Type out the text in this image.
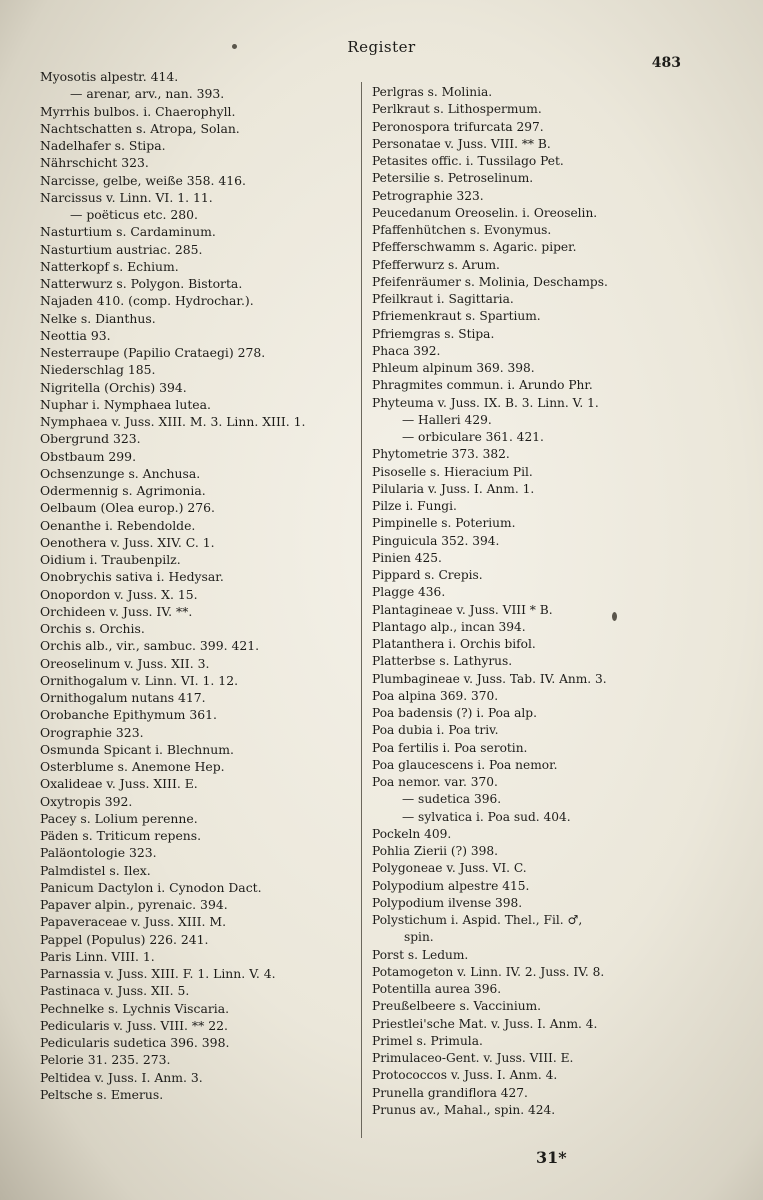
Register
483
Myosotis alpestr. 414.
— arenar, arv., nan. 393.
Myrrhis bulbos. i. Chaerophyll.
Nachtschatten s. Atropa, Solan.
Nadelhafer s. Stipa.
Nährschicht 323.
Narcisse, gelbe, weiße 358. 416.
Narcissus v. Linn. VI. 1. 11.
— poëticus etc. 280.
Nasturtium s. Cardaminum.
Nasturtium austriac. 285.
Natterkopf s. Echium.
Natterwurz s. Polygon. Bistorta.
Najaden 410. (comp. Hydrochar.).
Nelke s. Dianthus.
Neottia 93.
Nesterraupe (Papilio Crataegi) 278.
Niederschlag 185.
Nigritella (Orchis) 394.
Nuphar i. Nymphaea lutea.
Nymphaea v. Juss. XIII. M. 3. Linn. XIII. 1.
Obergrund 323.
Obstbaum 299.
Ochsenzunge s. Anchusa.
Odermennig s. Agrimonia.
Oelbaum (Olea europ.) 276.
Oenanthe i. Rebendolde.
Oenothera v. Juss. XIV. C. 1.
Oidium i. Traubenpilz.
Onobrychis sativa i. Hedysar.
Onopordon v. Juss. X. 15.
Orchideen v. Juss. IV. **.
Orchis s. Orchis.
Orchis alb., vir., sambuc. 399. 421.
Oreoselinum v. Juss. XII. 3.
Ornithogalum v. Linn. VI. 1. 12.
Ornithogalum nutans 417.
Orobanche Epithymum 361.
Orographie 323.
Osmunda Spicant i. Blechnum.
Osterblume s. Anemone Hep.
Oxalideae v. Juss. XIII. E.
Oxytropis 392.
Pacey s. Lolium perenne.
Päden s. Triticum repens.
Paläontologie 323.
Palmdistel s. Ilex.
Panicum Dactylon i. Cynodon Dact.
Papaver alpin., pyrenaic. 394.
Papaveraceae v. Juss. XIII. M.
Pappel (Populus) 226. 241.
Paris Linn. VIII. 1.
Parnassia v. Juss. XIII. F. 1. Linn. V. 4.
Pastinaca v. Juss. XII. 5.
Pechnelke s. Lychnis Viscaria.
Pedicularis v. Juss. VIII. ** 22.
Pedicularis sudetica 396. 398.
Pelorie 31. 235. 273.
Peltidea v. Juss. I. Anm. 3.
Peltsche s. Emerus.
Perlgras s. Molinia.
Perlkraut s. Lithospermum.
Peronospora trifurcata 297.
Personatae v. Juss. VIII. ** B.
Petasites offic. i. Tussilago Pet.
Petersilie s. Petroselinum.
Petrographie 323.
Peucedanum Oreoselin. i. Oreoselin.
Pfaffenhütchen s. Evonymus.
Pfefferschwamm s. Agaric. piper.
Pfefferwurz s. Arum.
Pfeifenräumer s. Molinia, Deschamps.
Pfeilkraut i. Sagittaria.
Pfriemenkraut s. Spartium.
Pfriemgras s. Stipa.
Phaca 392.
Phleum alpinum 369. 398.
Phragmites commun. i. Arundo Phr.
Phyteuma v. Juss. IX. B. 3. Linn. V. 1.
— Halleri 429.
— orbiculare 361. 421.
Phytometrie 373. 382.
Pisoselle s. Hieracium Pil.
Pilularia v. Juss. I. Anm. 1.
Pilze i. Fungi.
Pimpinelle s. Poterium.
Pinguicula 352. 394.
Pinien 425.
Pippard s. Crepis.
Plagge 436.
Plantagineae v. Juss. VIII * B.
Plantago alp., incan 394.
Platanthera i. Orchis bifol.
Platterbse s. Lathyrus.
Plumbagineae v. Juss. Tab. IV. Anm. 3.
Poa alpina 369. 370.
Poa badensis (?) i. Poa alp.
Poa dubia i. Poa triv.
Poa fertilis i. Poa serotin.
Poa glaucescens i. Poa nemor.
Poa nemor. var. 370.
— sudetica 396.
— sylvatica i. Poa sud. 404.
Pockeln 409.
Pohlia Zierii (?) 398.
Polygoneae v. Juss. VI. C.
Polypodium alpestre 415.
Polypodium ilvense 398.
Polystichum i. Aspid. Thel., Fil. ♂,
spin.
Porst s. Ledum.
Potamogeton v. Linn. IV. 2. Juss. IV. 8.
Potentilla aurea 396.
Preußelbeere s. Vaccinium.
Priestlei'sche Mat. v. Juss. I. Anm. 4.
Primel s. Primula.
Primulaceo-Gent. v. Juss. VIII. E.
Protococcos v. Juss. I. Anm. 4.
Prunella grandiflora 427.
Prunus av., Mahal., spin. 424.
31*
